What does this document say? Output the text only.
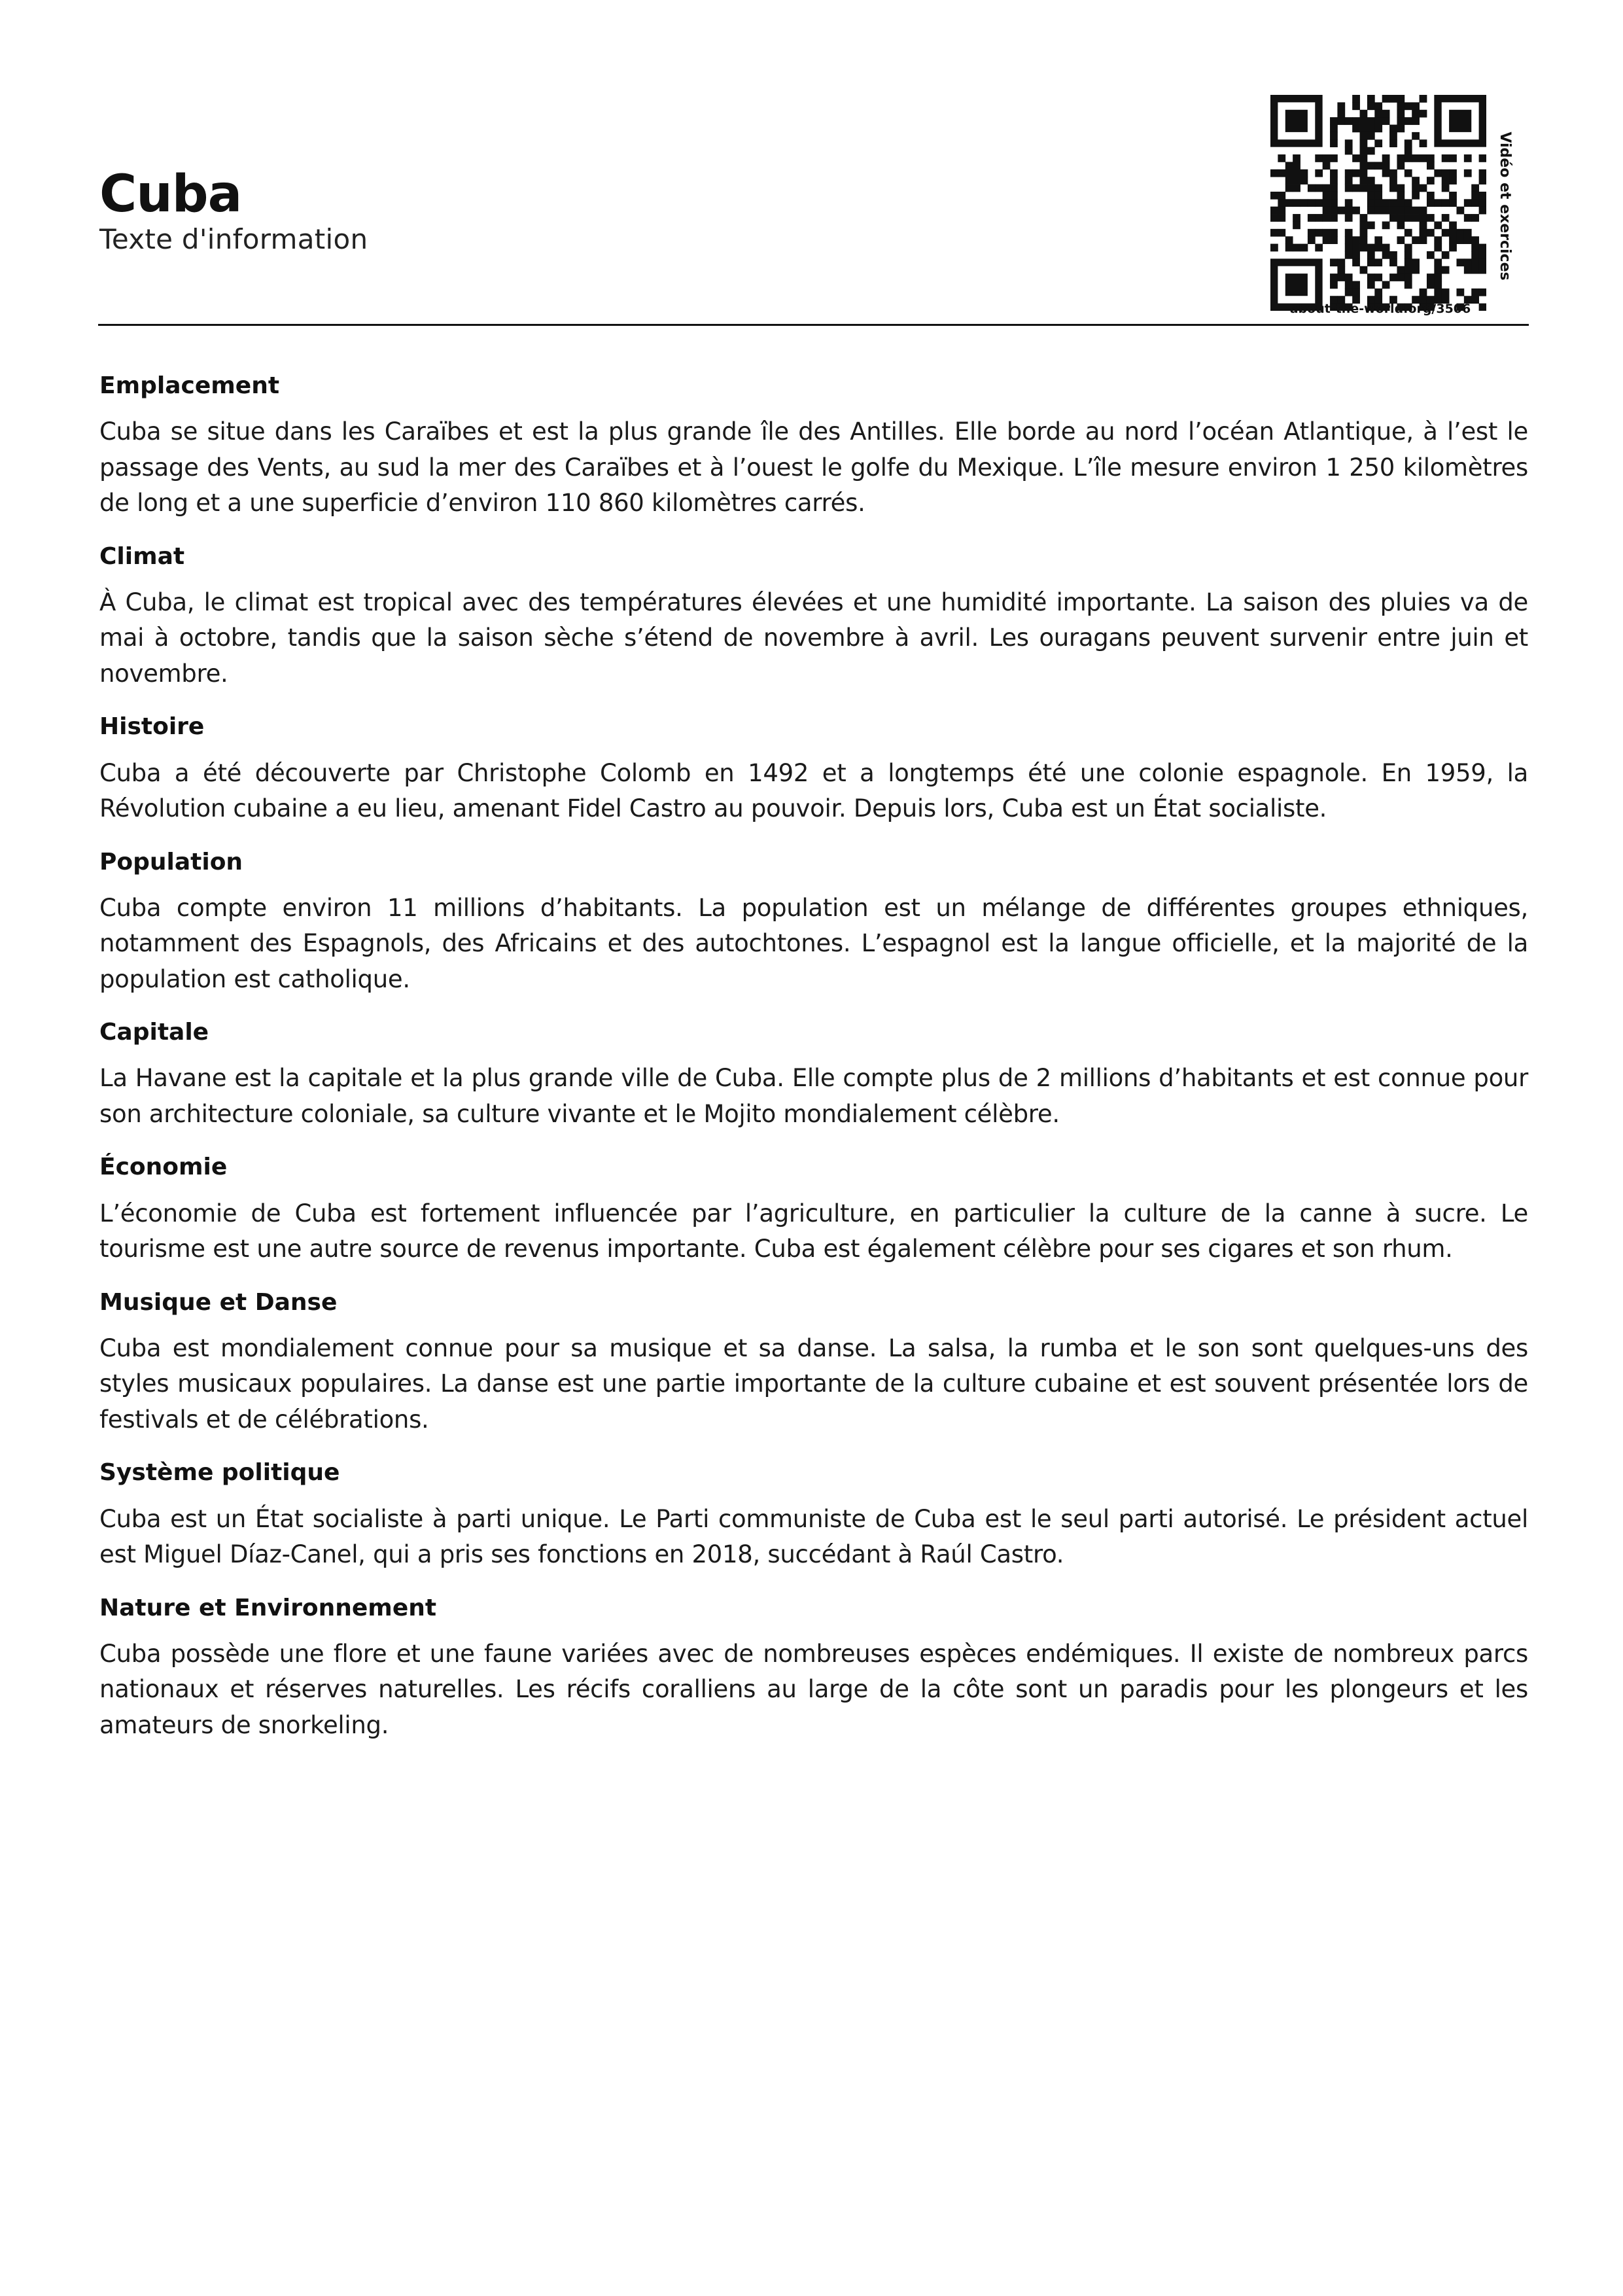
Cuba

Texte d'information

about-the-world.org/3506
Vidéo et exercices
Emplacement

Cuba se situe dans les Caraïbes et est la plus grande île des Antilles. Elle borde au nord l’océan Atlantique, à l’est le passage des Vents, au sud la mer des Caraïbes et à l’ouest le golfe du Mexique. L’île mesure environ 1 250 kilomètres de long et a une superficie d’environ 110 860 kilomètres carrés.

Climat

À Cuba, le climat est tropical avec des températures élevées et une humidité importante. La saison des pluies va de mai à octobre, tandis que la saison sèche s’étend de novembre à avril. Les ouragans peuvent survenir entre juin et novembre.

Histoire

Cuba a été découverte par Christophe Colomb en 1492 et a longtemps été une colonie espagnole. En 1959, la Révolution cubaine a eu lieu, amenant Fidel Castro au pouvoir. Depuis lors, Cuba est un État socialiste.

Population

Cuba compte environ 11 millions d’habitants. La population est un mélange de différentes groupes ethniques, notamment des Espagnols, des Africains et des autochtones. L’espagnol est la langue officielle, et la majorité de la population est catholique.

Capitale

La Havane est la capitale et la plus grande ville de Cuba. Elle compte plus de 2 millions d’habitants et est connue pour son architecture coloniale, sa culture vivante et le Mojito mondialement célèbre.

Économie

L’économie de Cuba est fortement influencée par l’agriculture, en particulier la culture de la canne à sucre. Le tourisme est une autre source de revenus importante. Cuba est également célèbre pour ses cigares et son rhum.

Musique et Danse

Cuba est mondialement connue pour sa musique et sa danse. La salsa, la rumba et le son sont quelques-uns des styles musicaux populaires. La danse est une partie importante de la culture cubaine et est souvent présentée lors de festivals et de célébrations.

Système politique

Cuba est un État socialiste à parti unique. Le Parti communiste de Cuba est le seul parti autorisé. Le président actuel est Miguel Díaz-Canel, qui a pris ses fonctions en 2018, succédant à Raúl Castro.

Nature et Environnement

Cuba possède une flore et une faune variées avec de nombreuses espèces endémiques. Il existe de nombreux parcs nationaux et réserves naturelles. Les récifs coralliens au large de la côte sont un paradis pour les plongeurs et les amateurs de snorkeling.
